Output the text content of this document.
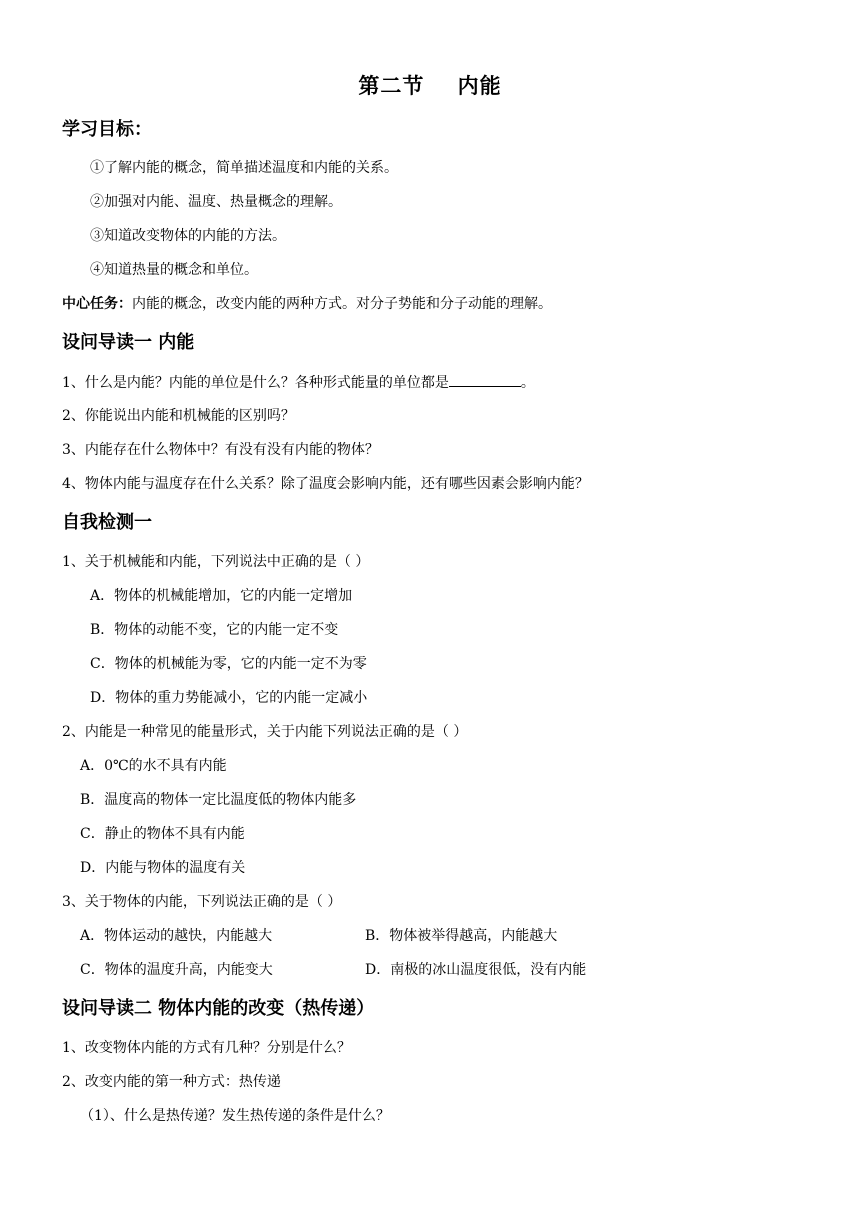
第二节    内能
学习目标：
①了解内能的概念，简单描述温度和内能的关系。
②加强对内能、温度、热量概念的理解。
③知道改变物体的内能的方法。
④知道热量的概念和单位。
中心任务：内能的概念，改变内能的两种方式。对分子势能和分子动能的理解。
设问导读一 内能
1、什么是内能？内能的单位是什么？各种形式能量的单位都是	。
2、你能说出内能和机械能的区别吗？
3、内能存在什么物体中？有没有没有内能的物体？
4、物体内能与温度存在什么关系？除了温度会影响内能，还有哪些因素会影响内能？
自我检测一
1、关于机械能和内能，下列说法中正确的是（ ）
A．物体的机械能增加，它的内能一定增加
B．物体的动能不变，它的内能一定不变
C．物体的机械能为零，它的内能一定不为零
D．物体的重力势能减小，它的内能一定减小
2、内能是一种常见的能量形式，关于内能下列说法正确的是（ ）
A．0℃的水不具有内能
B．温度高的物体一定比温度低的物体内能多
C．静止的物体不具有内能
D．内能与物体的温度有关
3、关于物体的内能，下列说法正确的是（ ）
A．物体运动的越快，内能越大	B．物体被举得越高，内能越大
C．物体的温度升高，内能变大	D．南极的冰山温度很低，没有内能
设问导读二 物体内能的改变（热传递）
1、改变物体内能的方式有几种？分别是什么？
2、改变内能的第一种方式：热传递
（1）、什么是热传递？发生热传递的条件是什么？
